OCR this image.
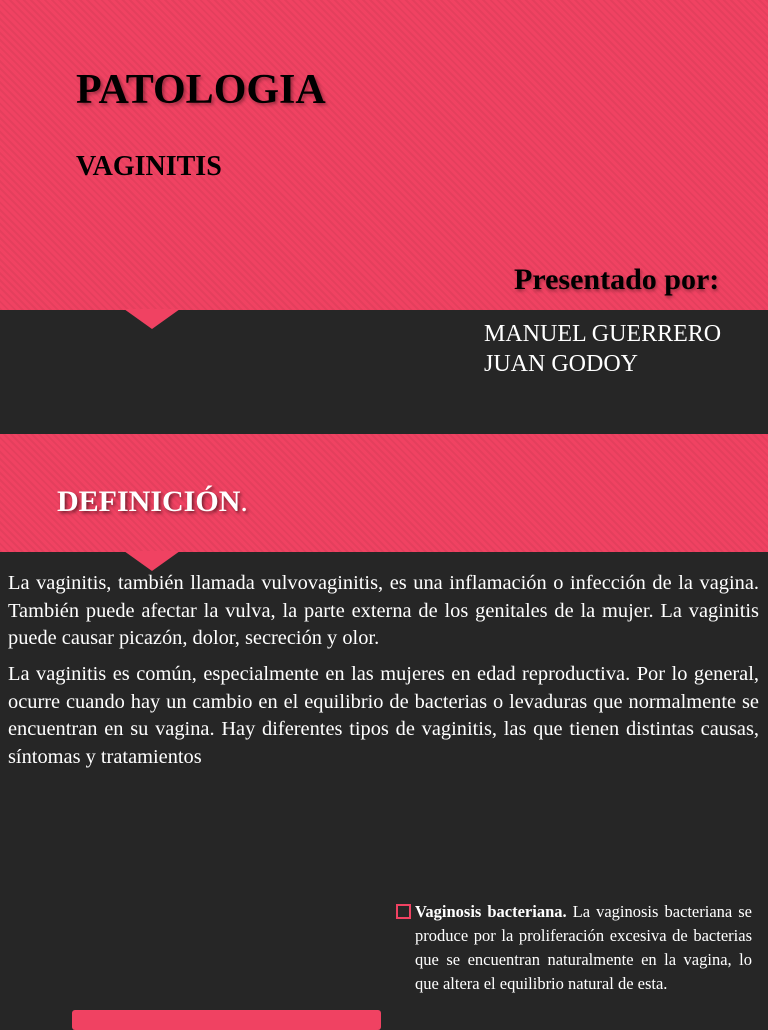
PATOLOGIA
VAGINITIS
Presentado por:
MANUEL GUERRERO
JUAN GODOY
DEFINICIÓN.

La vaginitis, también llamada vulvovaginitis, es una inflamación o infección de la vagina. También puede afectar la vulva, la parte externa de los genitales de la mujer. La vaginitis puede causar picazón, dolor, secreción y olor.

La vaginitis es común, especialmente en las mujeres en edad reproductiva. Por lo general, ocurre cuando hay un cambio en el equilibrio de bacterias o levaduras que normalmente se encuentran en su vagina. Hay diferentes tipos de vaginitis, las que tienen distintas causas, síntomas y tratamientos

Vaginosis bacteriana. La vaginosis bacteriana se produce por la proliferación excesiva de bacterias que se encuentran naturalmente en la vagina, lo que altera el equilibrio natural de esta.
